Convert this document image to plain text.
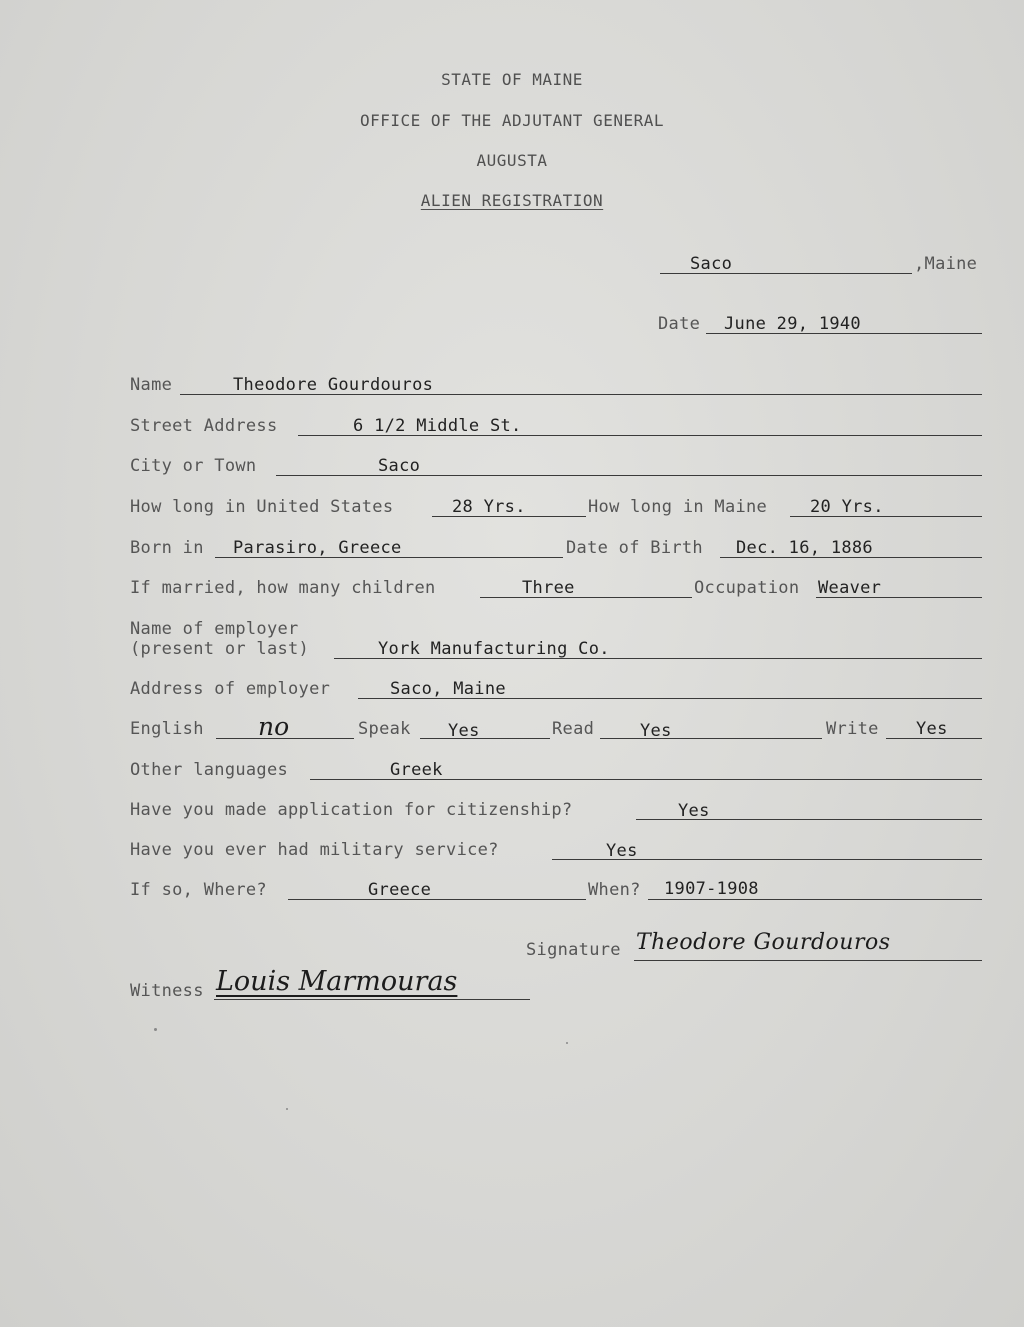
STATE OF MAINE
OFFICE OF THE ADJUTANT GENERAL
AUGUSTA
ALIEN REGISTRATION
Saco	,Maine
Date June 29, 1940
Name	Theodore Gourdouros
Street Address	6 1/2 Middle St.
City or Town	Saco
How long in United States	28 Yrs.	How long in Maine	20 Yrs.
Born in Parasiro, Greece	Date of Birth Dec. 16, 1886
If married, how many children	Three	Occupation Weaver
Name of employer
(present or last)	York Manufacturing Co.
Address of employer	Saco, Maine
English no	Speak Yes	Read	Yes	Write Yes
Other languages	Greek
Have you made application for citizenship?	Yes
Have you ever had military service?	Yes
If so, Where?	Greece	When? 1907-1908
Signature Theodore Gourdouros
Witness Louis Marmouras
